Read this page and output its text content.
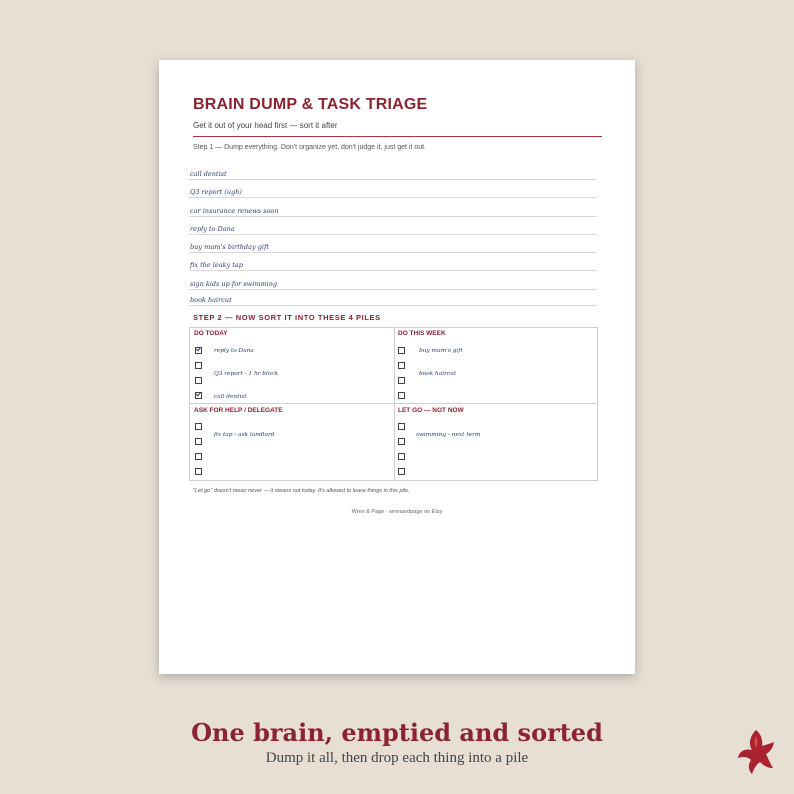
BRAIN DUMP & TASK TRIAGE
Get it out of your head first — sort it after
Step 1 — Dump everything. Don't organize yet, don't judge it, just get it out.
call dentist
Q3 report (ugh)
car insurance renews soon
reply to Dana
buy mum's birthday gift
fix the leaky tap
sign kids up for swimming
book haircut
STEP 2 — NOW SORT IT INTO THESE 4 PILES
DO TODAY
reply to Dana
Q3 report - 1 hr block
call dentist
DO THIS WEEK
buy mum's gift
book haircut
ASK FOR HELP / DELEGATE
fix tap - ask landlord
LET GO — NOT NOW
swimming - next term
"Let go" doesn't mean never — it means not today. It's allowed to leave things in this pile.
Wren & Page · wrenandpage on Etsy
One brain, emptied and sorted
Dump it all, then drop each thing into a pile
